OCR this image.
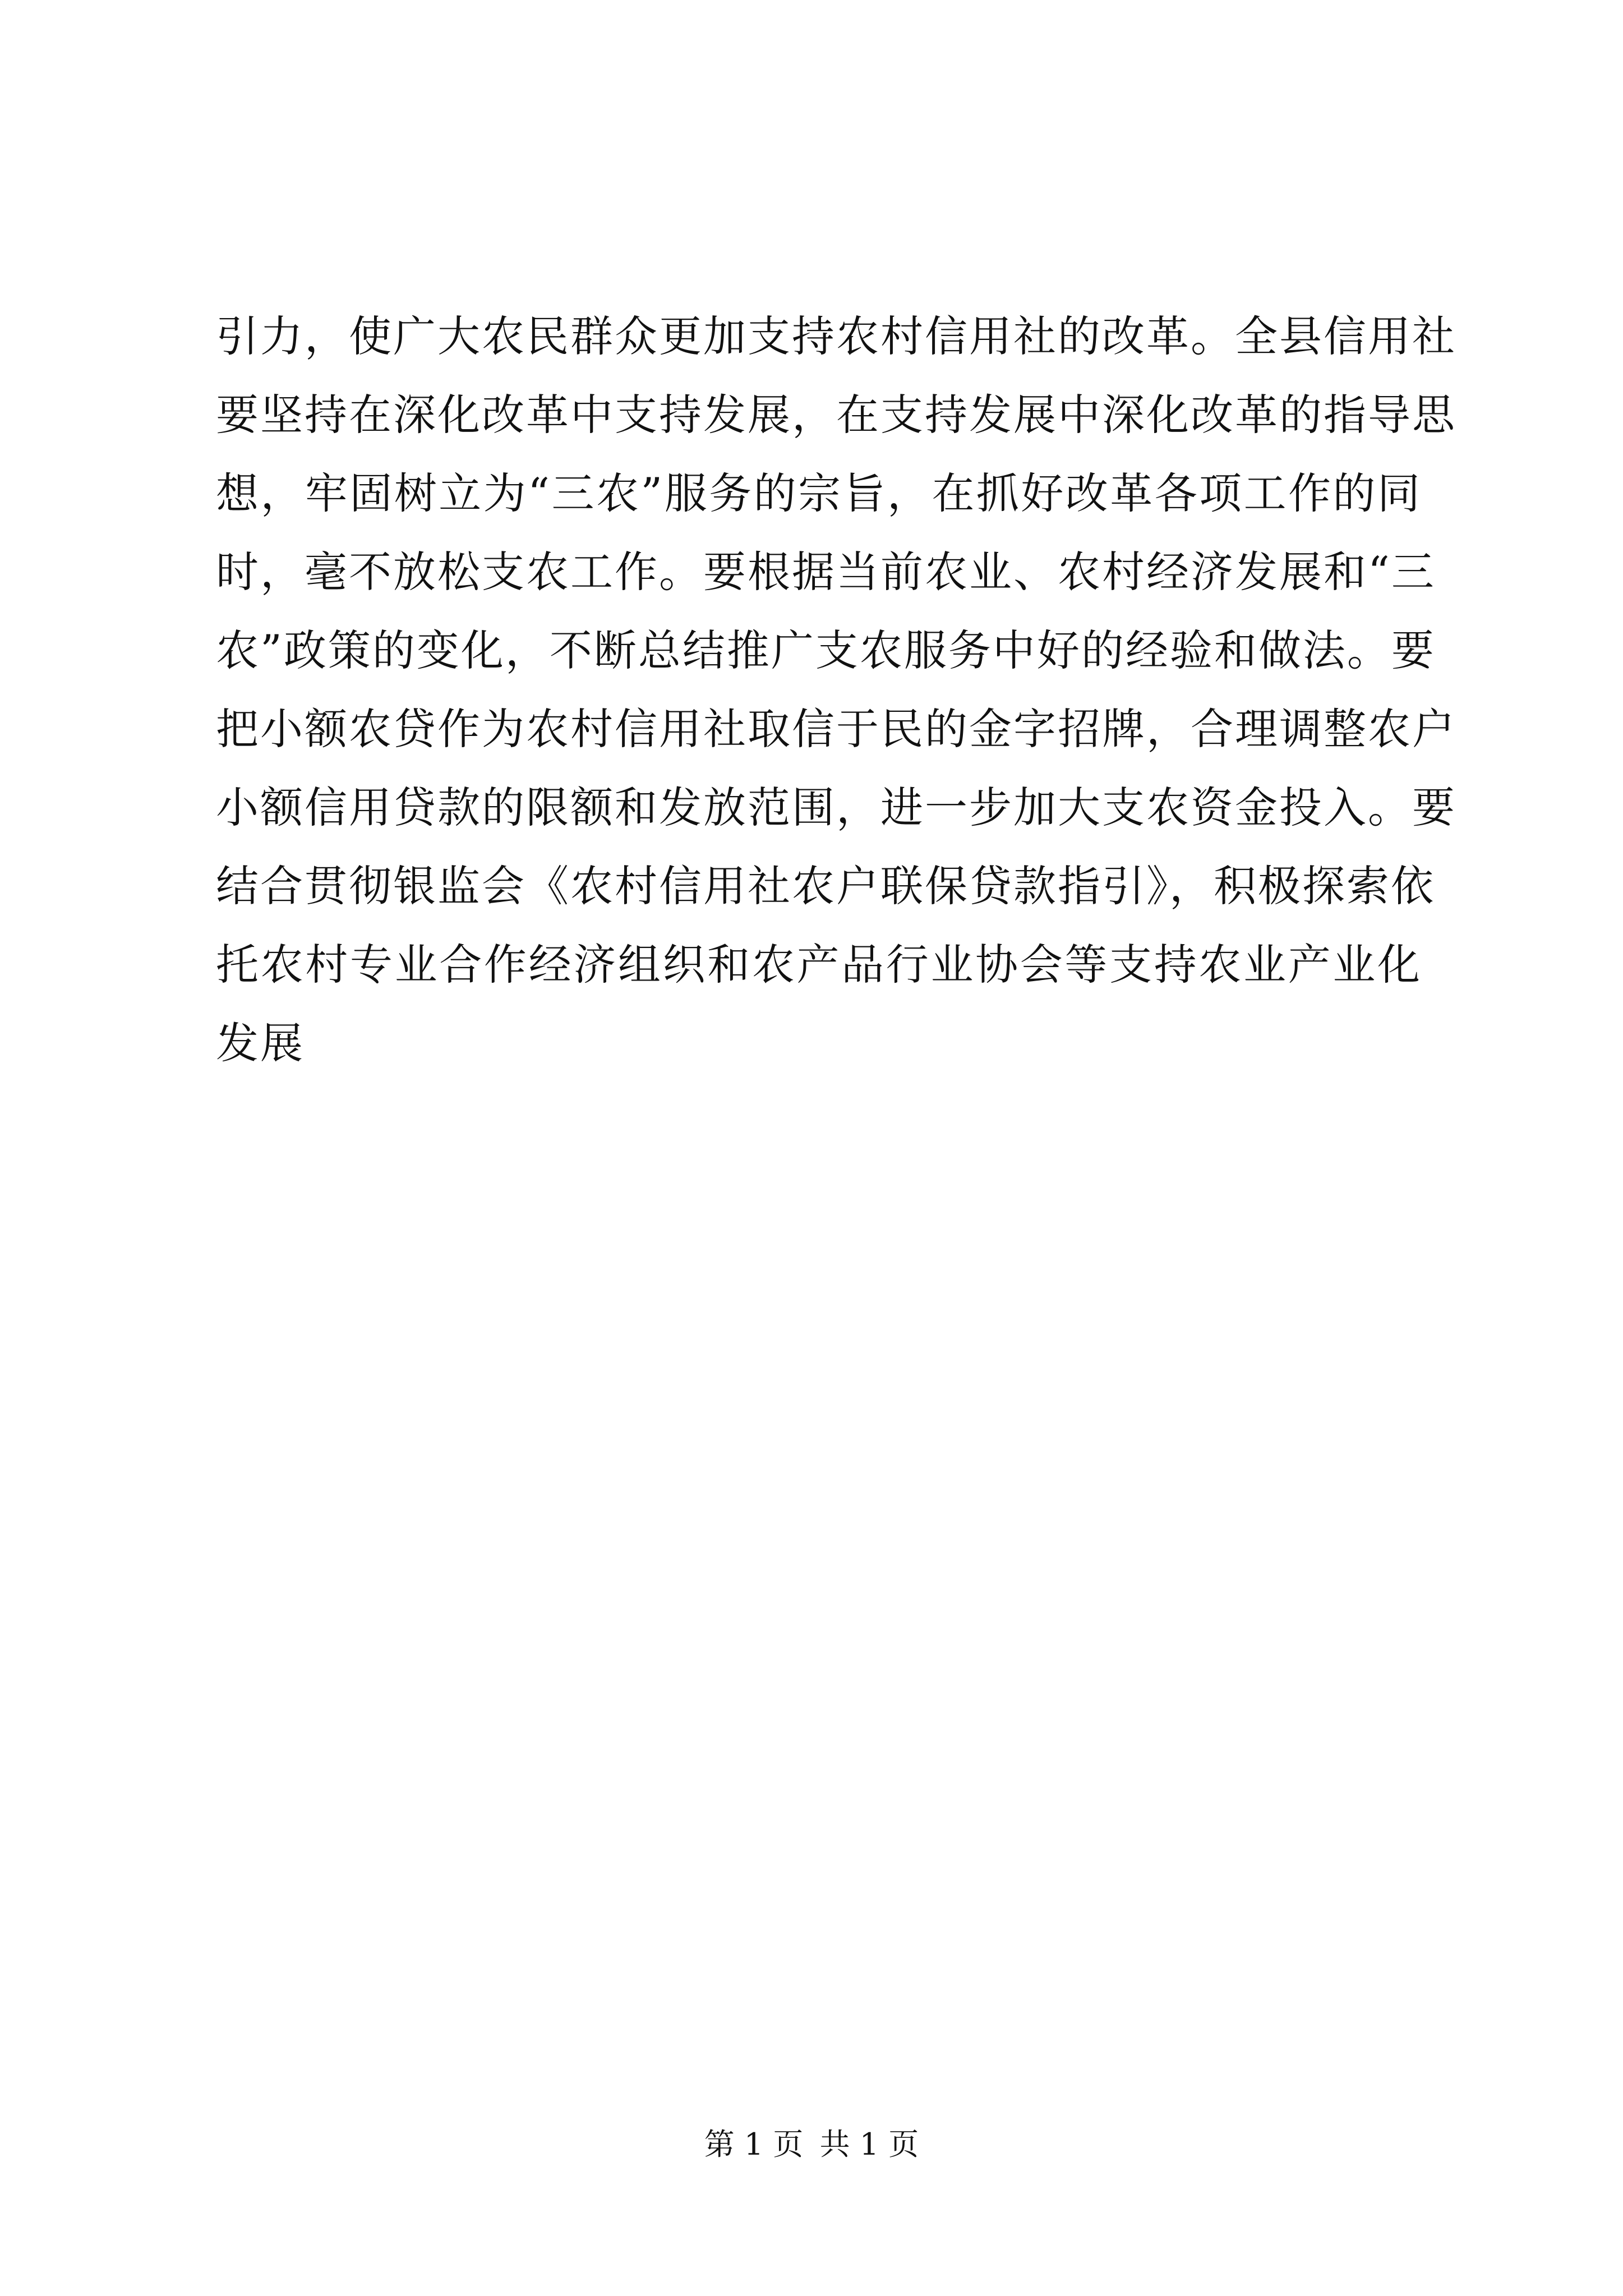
引力，使广大农民群众更加支持农村信用社的改革。全县信用社
要坚持在深化改革中支持发展，在支持发展中深化改革的指导思
想，牢固树立为“三农”服务的宗旨，在抓好改革各项工作的同
时，毫不放松支农工作。要根据当前农业、农村经济发展和“三
农”政策的变化，不断总结推广支农服务中好的经验和做法。要
把小额农贷作为农村信用社取信于民的金字招牌，合理调整农户
小额信用贷款的限额和发放范围，进一步加大支农资金投入。要
结合贯彻银监会《农村信用社农户联保贷款指引》，积极探索依
托农村专业合作经济组织和农产品行业协会等支持农业产业化
发展
第 1 页 共 1 页
